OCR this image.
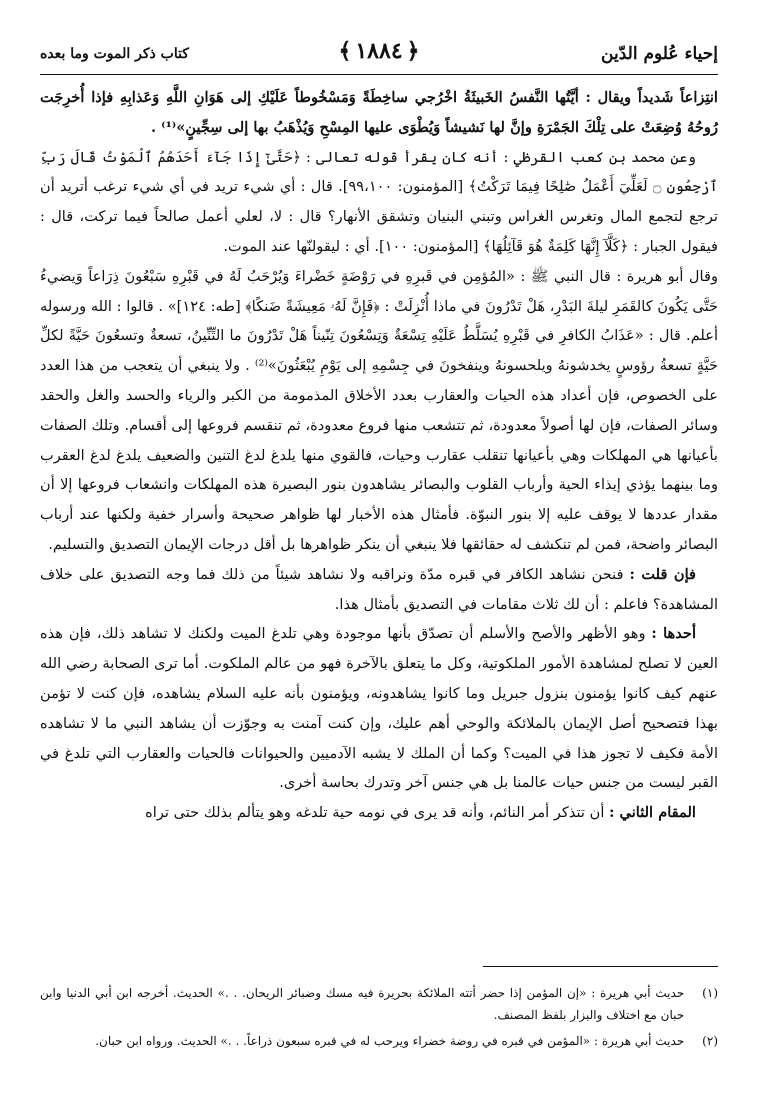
إحياء عُلوم الدّين
﴾ ١٨٨٤ ﴿
كتاب ذكر الموت وما بعده

انتِزاعاً شَديداً ويقال : أيَّتُها النَّفسُ الخَبيثَةُ اخْرُجي ساخِطَةً وَمَسْخُوطاً عَلَيْكِ إلى هَوَانِ اللَّهِ وَعَذابِهِ فإذا أُخرِجَت رُوحُهُ وُضِعَتْ على تِلْكَ الجَمْرَةِ وإنَّ لها نَشيشاً وَيُطْوَى عليها المِسْحِ وَيُذْهَبُ بها إلى سِجِّينٍ»⁽¹⁾ .

وعن محمد بن كعب القرظي : أنه كان يقرأ قوله تعالى : ﴿حَتَّىٰٓ إِذَا جَآءَ أَحَدَهُمُ ٱلْمَوْتُ قَالَ رَبِّ ٱرْجِعُونِ ۝ لَعَلِّيٓ أَعْمَلُ صَٰلِحًا فِيمَا تَرَكْتُ﴾ [المؤمنون: ٩٩،١٠٠]. قال : أي شيء تريد في أي شيء ترغب أتريد أن ترجع لتجمع المال وتغرس الغراس وتبني البنيان وتشقق الأنهار؟ قال : لا، لعلي أعمل صالحاً فيما تركت، قال : فيقول الجبار : ﴿كَلَّآ إِنَّهَا كَلِمَةٌ هُوَ قَآئِلُهَا﴾ [المؤمنون: ١٠٠]. أي : ليقولنّها عند الموت.

وقال أبو هريرة : قال النبي ﷺ : «المُؤمِن في قَبرِهِ في رَوْضَةٍ خَضْراءَ وَيُرْحَبُ لَهُ في قَبْرِهِ سَبْعُونَ ذِرَاعاً وَيضيءُ حَتَّى يَكُونَ كالقَمَرِ ليلةَ البَدْرِ، هَلْ تَدْرُونَ في ماذا أُنْزِلَتْ : ﴿فَإِنَّ لَهُۥ مَعِيشَةً ضَنكًا﴾ [طه: ١٢٤]» . قالوا : الله ورسوله أعلم. قال : «عَذَابُ الكافرِ في قَبْرِهِ يُسَلَّطُ عَلَيْهِ تِسْعَةٌ وَتِسْعُونَ تِنّيناً هَلْ تَدْرُونَ ما التِّنِّينُ، تسعةٌ وتسعُونَ حَيَّةً لكلِّ حَيَّةٍ تسعةُ رؤوسٍ يخدشونهُ ويلحسونهُ وينفخونَ في جِسْمِهِ إلى يَوْمِ يُبْعَثُونَ»⁽²⁾ . ولا ينبغي أن يتعجب من هذا العدد على الخصوص، فإن أعداد هذه الحيات والعقارب بعدد الأخلاق المذمومة من الكبر والرياء والحسد والغل والحقد وسائر الصفات، فإن لها أصولاً معدودة، ثم تتشعب منها فروع معدودة، ثم تنقسم فروعها إلى أقسام. وتلك الصفات بأعيانها هي المهلكات وهي بأعيانها تنقلب عقارب وحيات، فالقوي منها يلدغ لدغ التنين والضعيف يلدغ لدغ العقرب وما بينهما يؤذي إيذاء الحية وأرباب القلوب والبصائر يشاهدون بنور البصيرة هذه المهلكات وانشعاب فروعها إلا أن مقدار عددها لا يوقف عليه إلا بنور النبوّة. فأمثال هذه الأخبار لها ظواهر صحيحة وأسرار خفية ولكنها عند أرباب البصائر واضحة، فمن لم تنكشف له حقائقها فلا ينبغي أن ينكر ظواهرها بل أقل درجات الإيمان التصديق والتسليم.

فإن قلت : فنحن نشاهد الكافر في قبره مدّة ونراقبه ولا نشاهد شيئاً من ذلك فما وجه التصديق على خلاف المشاهدة؟ فاعلم : أن لك ثلاث مقامات في التصديق بأمثال هذا.

أحدها : وهو الأظهر والأصح والأسلم أن تصدّق بأنها موجودة وهي تلدغ الميت ولكنك لا تشاهد ذلك، فإن هذه العين لا تصلح لمشاهدة الأمور الملكوتية، وكل ما يتعلق بالآخرة فهو من عالم الملكوت. أما ترى الصحابة رضي الله عنهم كيف كانوا يؤمنون بنزول جبريل وما كانوا يشاهدونه، ويؤمنون بأنه عليه السلام يشاهده، فإن كنت لا تؤمن بهذا فتصحيح أصل الإيمان بالملائكة والوحي أهم عليك، وإن كنت آمنت به وجوّزت أن يشاهد النبي ما لا تشاهده الأمة فكيف لا تجوز هذا في الميت؟ وكما أن الملك لا يشبه الآدميين والحيوانات فالحيات والعقارب التي تلدغ في القبر ليست من جنس حيات عالمنا بل هي جنس آخر وتدرك بحاسة أخرى.

المقام الثاني : أن تتذكر أمر النائم، وأنه قد يرى في نومه حية تلدغه وهو يتألم بذلك حتى تراه

(١)
حديث أبي هريرة : «إن المؤمن إذا حضر أتته الملائكة بحريرة فيه مسك وضبائر الريحان. . .» الحديث. أخرجه ابن أبي الدنيا وابن حبان مع اختلاف والبزار بلفظ المصنف.
(٢)
حديث أبي هريرة : «المؤمن في قبره في روضة خضراء ويرحب له في قبره سبعون ذراعاً. . .» الحديث. ورواه ابن حبان.
